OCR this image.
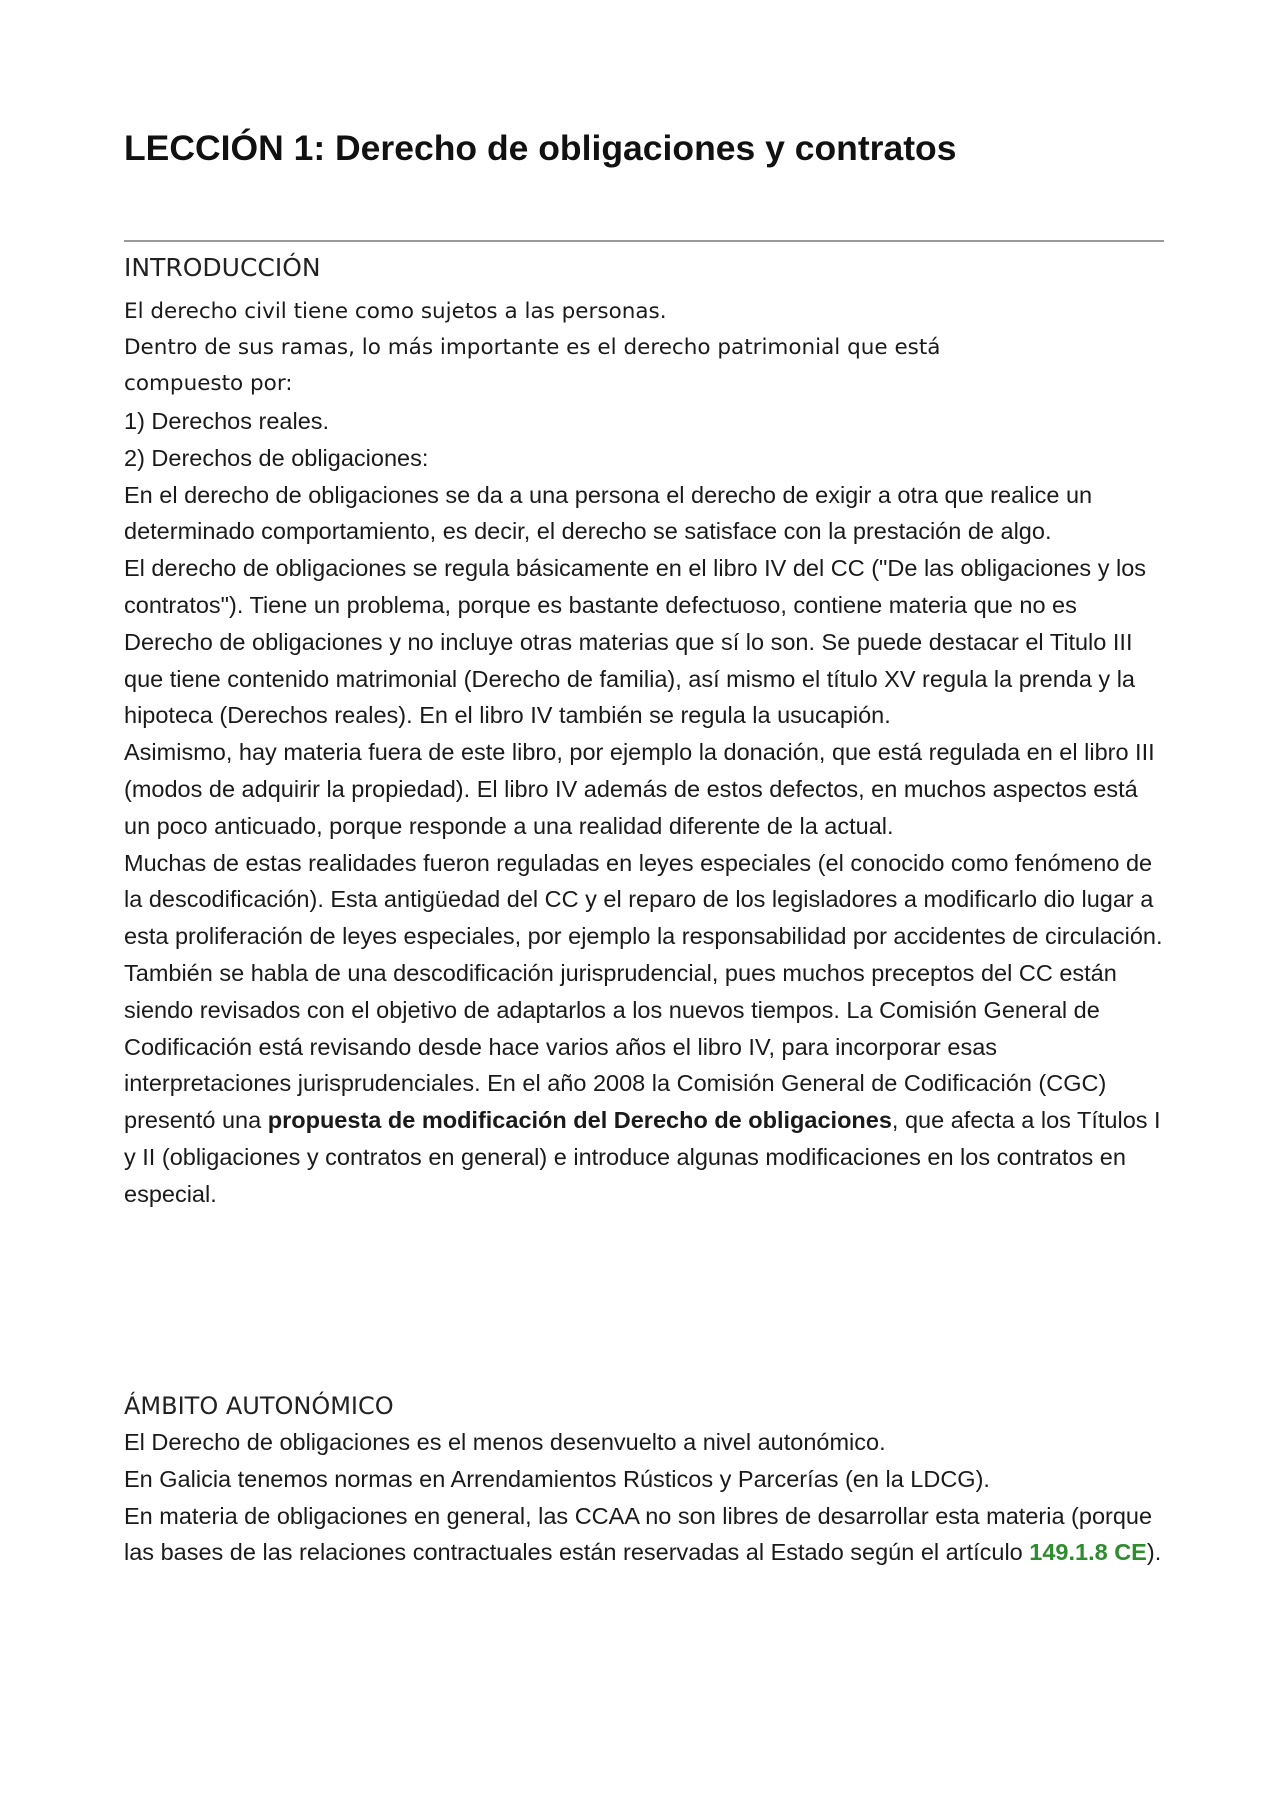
LECCIÓN 1: Derecho de obligaciones y contratos
INTRODUCCIÓN
El derecho civil tiene como sujetos a las personas.
Dentro de sus ramas, lo más importante es el derecho patrimonial que está
compuesto por:

1) Derechos reales.

2) Derechos de obligaciones:

En el derecho de obligaciones se da a una persona el derecho de exigir a otra que realice un determinado comportamiento, es decir, el derecho se satisface con la prestación de algo.

El derecho de obligaciones se regula básicamente en el libro IV del CC ("De las obligaciones y los contratos"). Tiene un problema, porque es bastante defectuoso, contiene materia que no es Derecho de obligaciones y no incluye otras materias que sí lo son. Se puede destacar el Titulo III que tiene contenido matrimonial (Derecho de familia), así mismo el título XV regula la prenda y la hipoteca (Derechos reales). En el libro IV también se regula la usucapión.

Asimismo, hay materia fuera de este libro, por ejemplo la donación, que está regulada en el libro III (modos de adquirir la propiedad). El libro IV además de estos defectos, en muchos aspectos está un poco anticuado, porque responde a una realidad diferente de la actual.

Muchas de estas realidades fueron reguladas en leyes especiales (el conocido como fenómeno de la descodificación). Esta antigüedad del CC y el reparo de los legisladores a modificarlo dio lugar a esta proliferación de leyes especiales, por ejemplo la responsabilidad por accidentes de circulación.

También se habla de una descodificación jurisprudencial, pues muchos preceptos del CC están siendo revisados con el objetivo de adaptarlos a los nuevos tiempos. La Comisión General de Codificación está revisando desde hace varios años el libro IV, para incorporar esas interpretaciones jurisprudenciales. En el año 2008 la Comisión General de Codificación (CGC) presentó una propuesta de modificación del Derecho de obligaciones, que afecta a los Títulos I y II (obligaciones y contratos en general) e introduce algunas modificaciones en los contratos en especial.

ÁMBITO AUTONÓMICO

El Derecho de obligaciones es el menos desenvuelto a nivel autonómico.

En Galicia tenemos normas en Arrendamientos Rústicos y Parcerías (en la LDCG).

En materia de obligaciones en general, las CCAA no son libres de desarrollar esta materia (porque las bases de las relaciones contractuales están reservadas al Estado según el artículo 149.1.8 CE).
